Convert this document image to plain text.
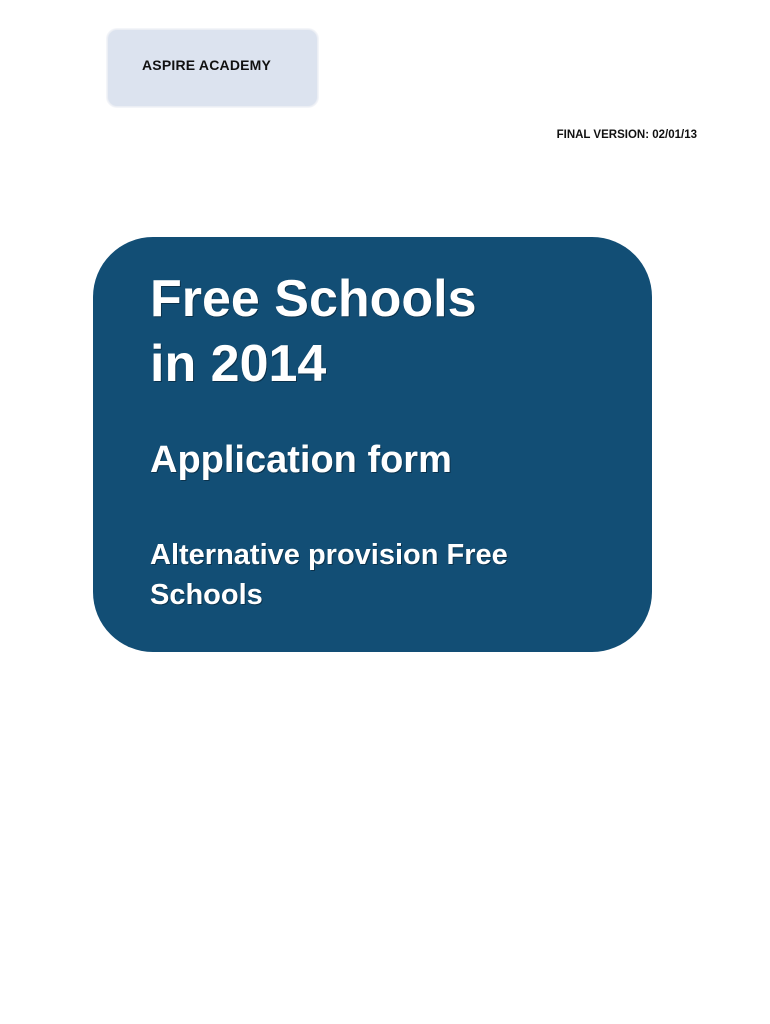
ASPIRE ACADEMY
FINAL VERSION: 02/01/13
Free Schools
in 2014
Application form
Alternative provision Free Schools
